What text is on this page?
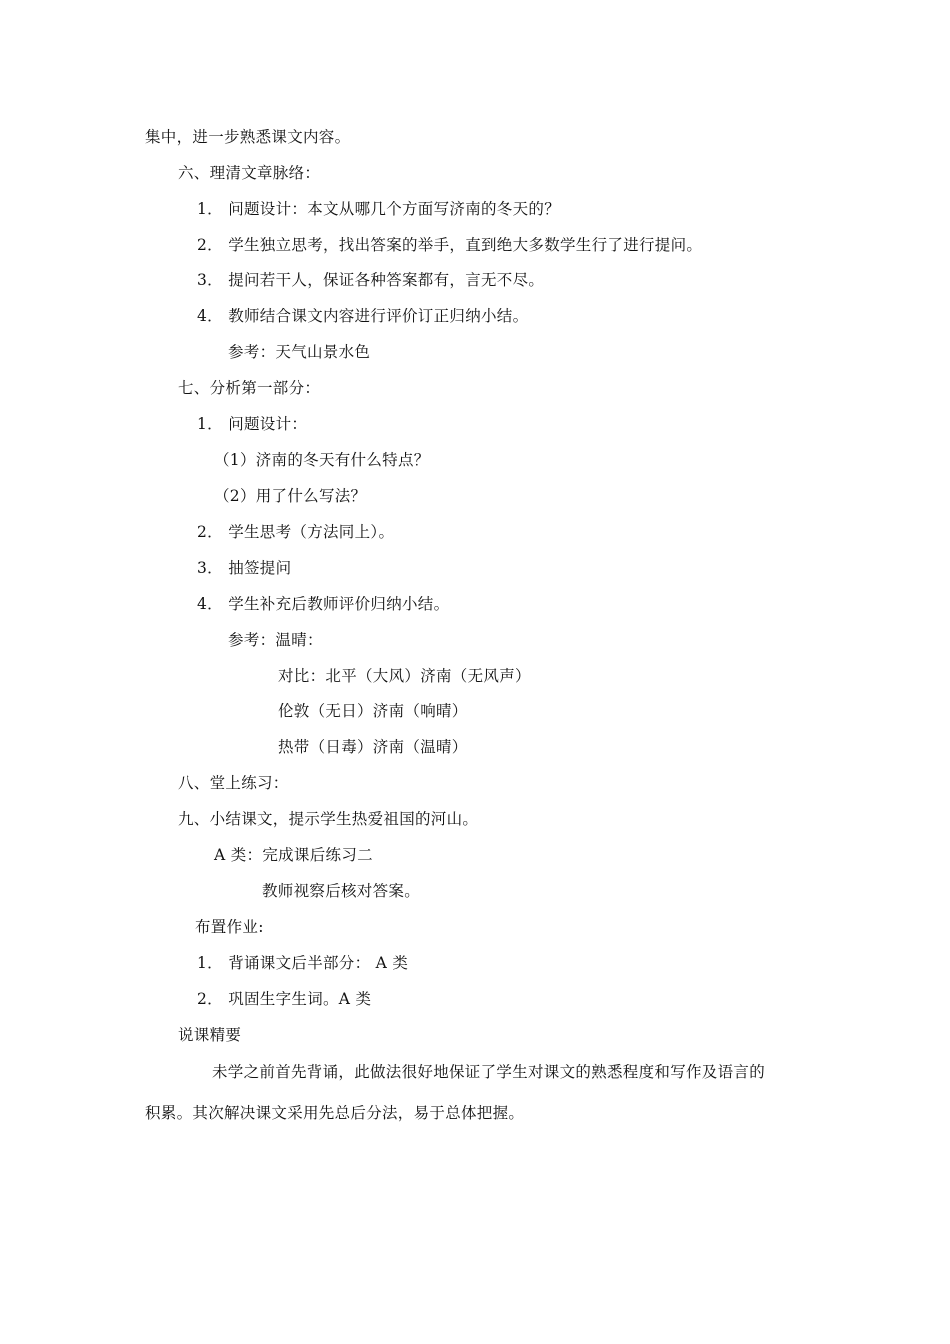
集中，进一步熟悉课文内容。
六、理清文章脉络：
1． 问题设计：本文从哪几个方面写济南的冬天的？
2． 学生独立思考，找出答案的举手，直到绝大多数学生行了进行提问。
3． 提问若干人，保证各种答案都有，言无不尽。
4． 教师结合课文内容进行评价订正归纳小结。
参考：天气山景水色
七、分析第一部分：
1． 问题设计：
（1）济南的冬天有什么特点？
（2）用了什么写法？
2． 学生思考（方法同上）。
3． 抽签提问
4． 学生补充后教师评价归纳小结。
参考：温晴：
对比：北平（大风）济南（无风声）
伦敦（无日）济南（响晴）
热带（日毒）济南（温晴）
八、堂上练习：
九、小结课文，提示学生热爱祖国的河山。
A 类：完成课后练习二
教师视察后核对答案。
布置作业:
1． 背诵课文后半部分： A 类
2． 巩固生字生词。A 类
说课精要
未学之前首先背诵，此做法很好地保证了学生对课文的熟悉程度和写作及语言的
积累。其次解决课文采用先总后分法，易于总体把握。
